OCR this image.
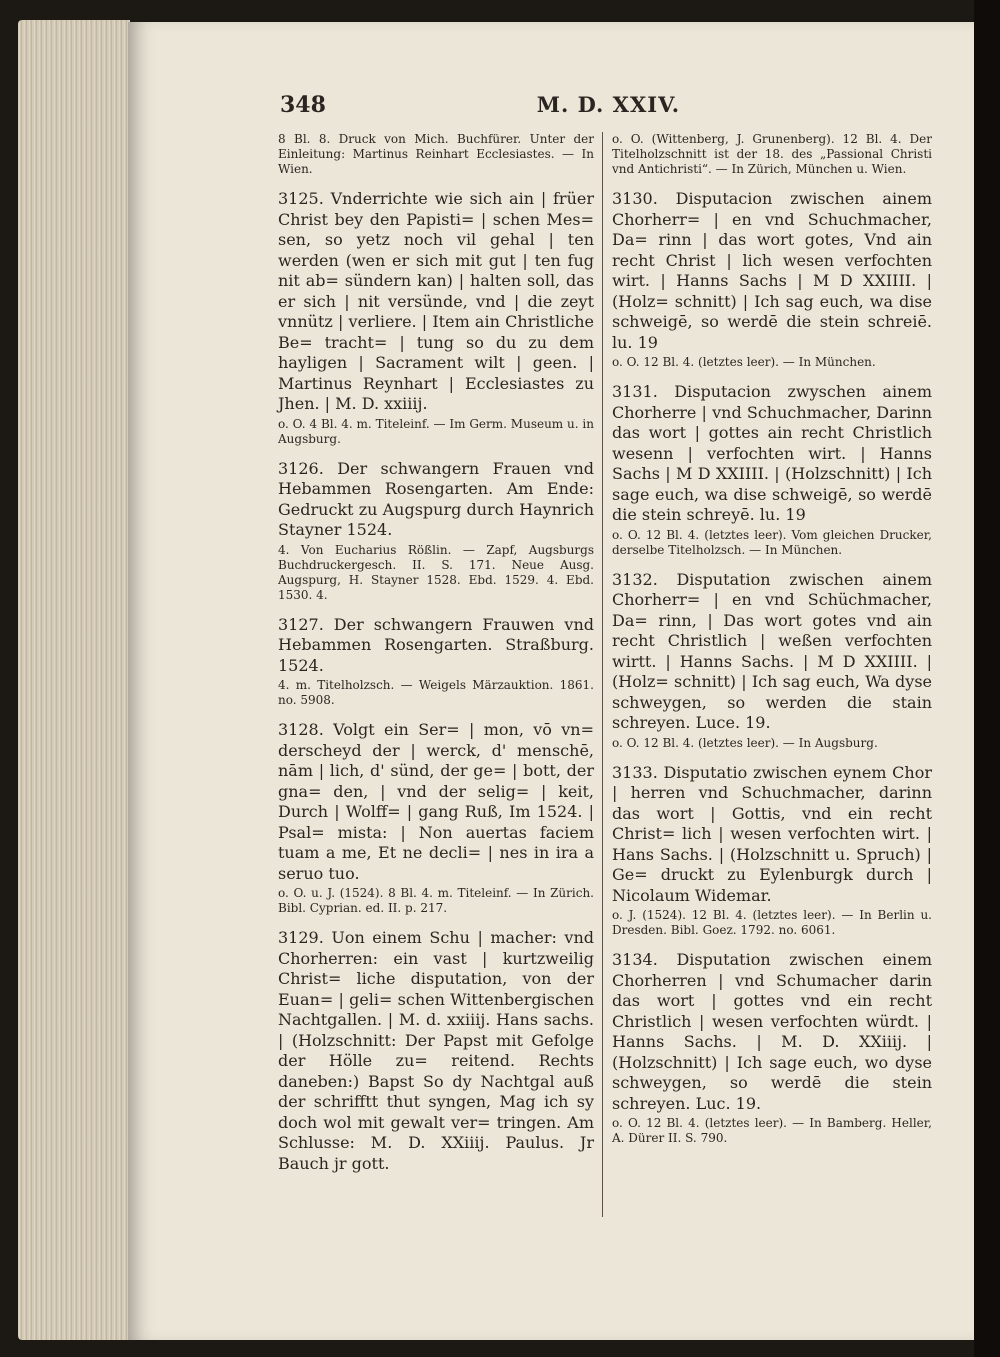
348	M. D. XXIV.

8 Bl. 8. Druck von Mich. Buchfürer. Unter der Einleitung: Martinus Reinhart Ecclesiastes. — In Wien.

3125. Vnderrichte wie sich ain | früer Christ bey den Papisti= | schen Mes= sen, so yetz noch vil gehal | ten werden (wen er sich mit gut | ten fug nit ab= sündern kan) | halten soll, das er sich | nit versünde, vnd | die zeyt vnnütz | verliere. | Item ain Christliche Be= tracht= | tung so du zu dem hayligen | Sacrament wilt | geen. | Martinus Reynhart | Ecclesiastes zu Jhen. | M. D. xxiiij.

o. O. 4 Bl. 4. m. Titeleinf. — Im Germ. Museum u. in Augsburg.

3126. Der schwangern Frauen vnd Hebammen Rosengarten. Am Ende: Gedruckt zu Augspurg durch Haynrich Stayner 1524.

4. Von Eucharius Rößlin. — Zapf, Augsburgs Buchdruckergesch. II. S. 171. Neue Ausg. Augspurg, H. Stayner 1528. Ebd. 1529. 4. Ebd. 1530. 4.

3127. Der schwangern Frauwen vnd Hebammen Rosengarten. Straßburg. 1524.

4. m. Titelholzsch. — Weigels Märzauktion. 1861. no. 5908.

3128. Volgt ein Ser= | mon, vō vn= derscheyd der | werck, d' menschē, nām | lich, d' sünd, der ge= | bott, der gna= den, | vnd der selig= | keit, Durch | Wolff= | gang Ruß, Im 1524. | Psal= mista: | Non auertas faciem tuam a me, Et ne decli= | nes in ira a seruo tuo.

o. O. u. J. (1524). 8 Bl. 4. m. Titeleinf. — In Zürich. Bibl. Cyprian. ed. II. p. 217.

3129. Uon einem Schu | macher: vnd Chorherren: ein vast | kurtzweilig Christ= liche disputation, von der Euan= | geli= schen Wittenbergischen Nachtgallen. | M. d. xxiiij. Hans sachs. | (Holzschnitt: Der Papst mit Gefolge der Hölle zu= reitend. Rechts daneben:) Bapst So dy Nachtgal auß der schrifftt thut syngen, Mag ich sy doch wol mit gewalt ver= tringen. Am Schlusse: M. D. XXiiij. Paulus. Jr Bauch jr gott.

o. O. (Wittenberg, J. Grunenberg). 12 Bl. 4. Der Titelholzschnitt ist der 18. des „Passional Christi vnd Antichristi“. — In Zürich, München u. Wien.

3130. Disputacion zwischen ainem Chorherr= | en vnd Schuchmacher, Da= rinn | das wort gotes, Vnd ain recht Christ | lich wesen verfochten wirt. | Hanns Sachs | M D XXIIII. | (Holz= schnitt) | Ich sag euch, wa dise schweigē, so werdē die stein schreiē. lu. 19

o. O. 12 Bl. 4. (letztes leer). — In München.

3131. Disputacion zwyschen ainem Chorherre | vnd Schuchmacher, Darinn das wort | gottes ain recht Christlich wesenn | verfochten wirt. | Hanns Sachs | M D XXIIII. | (Holzschnitt) | Ich sage euch, wa dise schweigē, so werdē die stein schreyē. lu. 19

o. O. 12 Bl. 4. (letztes leer). Vom gleichen Drucker, derselbe Titelholzsch. — In München.

3132. Disputation zwischen ainem Chorherr= | en vnd Schüchmacher, Da= rinn, | Das wort gotes vnd ain recht Christlich | weßen verfochten wirtt. | Hanns Sachs. | M D XXIIII. | (Holz= schnitt) | Ich sag euch, Wa dyse schweygen, so werden die stain schreyen. Luce. 19.

o. O. 12 Bl. 4. (letztes leer). — In Augsburg.

3133. Disputatio zwischen eynem Chor | herren vnd Schuchmacher, darinn das wort | Gottis, vnd ein recht Christ= lich | wesen verfochten wirt. | Hans Sachs. | (Holzschnitt u. Spruch) | Ge= druckt zu Eylenburgk durch | Nicolaum Widemar.

o. J. (1524). 12 Bl. 4. (letztes leer). — In Berlin u. Dresden. Bibl. Goez. 1792. no. 6061.

3134. Disputation zwischen einem Chorherren | vnd Schumacher darin das wort | gottes vnd ein recht Christlich | wesen verfochten würdt. | Hanns Sachs. | M. D. XXiiij. | (Holzschnitt) | Ich sage euch, wo dyse schweygen, so werdē die stein schreyen. Luc. 19.

o. O. 12 Bl. 4. (letztes leer). — In Bamberg. Heller, A. Dürer II. S. 790.
